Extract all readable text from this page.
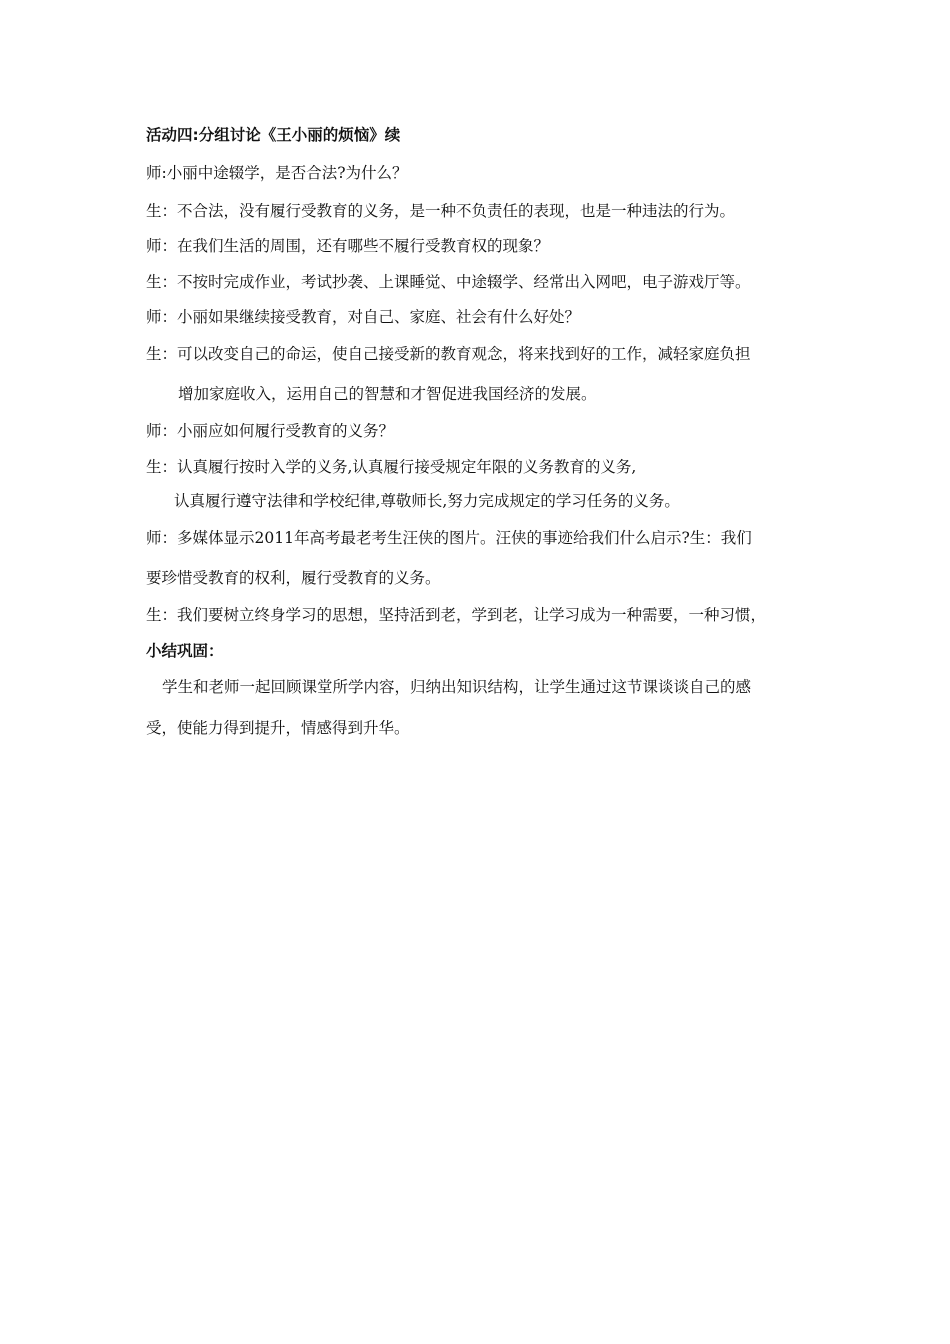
活动四:分组讨论《王小丽的烦恼》续
师:小丽中途辍学，是否合法?为什么？
生：不合法，没有履行受教育的义务，是一种不负责任的表现，也是一种违法的行为。
师：在我们生活的周围，还有哪些不履行受教育权的现象？
生：不按时完成作业，考试抄袭、上课睡觉、中途辍学、经常出入网吧，电子游戏厅等。
师：小丽如果继续接受教育，对自己、家庭、社会有什么好处？
生：可以改变自己的命运，使自己接受新的教育观念，将来找到好的工作，减轻家庭负担
增加家庭收入，运用自己的智慧和才智促进我国经济的发展。
师：小丽应如何履行受教育的义务？
生：认真履行按时入学的义务,认真履行接受规定年限的义务教育的义务,
认真履行遵守法律和学校纪律,尊敬师长,努力完成规定的学习任务的义务。
师：多媒体显示2011年高考最老考生汪侠的图片。汪侠的事迹给我们什么启示?生：我们
要珍惜受教育的权利，履行受教育的义务。
生：我们要树立终身学习的思想，坚持活到老，学到老，让学习成为一种需要，一种习惯，
小结巩固：
学生和老师一起回顾课堂所学内容，归纳出知识结构，让学生通过这节课谈谈自己的感
受，使能力得到提升，情感得到升华。
